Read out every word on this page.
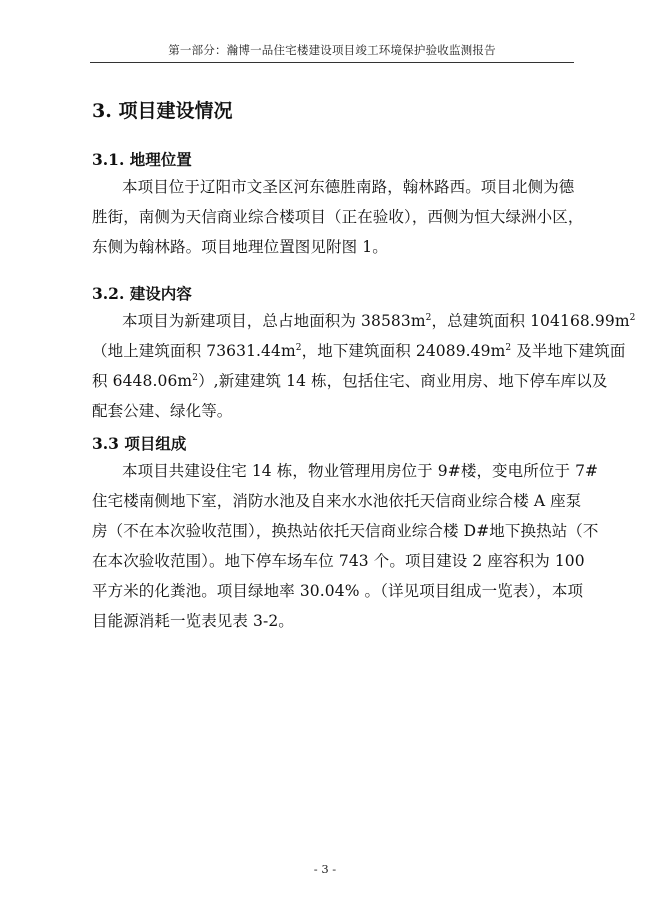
第一部分：瀚博一品住宅楼建设项目竣工环境保护验收监测报告
3. 项目建设情况
3.1. 地理位置
本项目位于辽阳市文圣区河东德胜南路，翰林路西。项目北侧为德
胜街，南侧为天信商业综合楼项目（正在验收），西侧为恒大绿洲小区，
东侧为翰林路。项目地理位置图见附图 1。
3.2. 建设内容
本项目为新建项目，总占地面积为 $38583m^2$，总建筑面积 $104168.99m^2$
（地上建筑面积 $73631.44m^2$，地下建筑面积 $24089.49m^2$ 及半地下建筑面
积 $6448.06m^2$）,新建建筑 14 栋，包括住宅、商业用房、地下停车库以及
配套公建、绿化等。
3.3 项目组成
本项目共建设住宅 14 栋，物业管理用房位于 9#楼，变电所位于 7#
住宅楼南侧地下室，消防水池及自来水水池依托天信商业综合楼 A 座泵
房（不在本次验收范围），换热站依托天信商业综合楼 D#地下换热站（不
在本次验收范围）。地下停车场车位 743 个。项目建设 2 座容积为 100
平方米的化粪池。项目绿地率 30.04% 。（详见项目组成一览表），本项
目能源消耗一览表见表 3-2。
- 3 -
